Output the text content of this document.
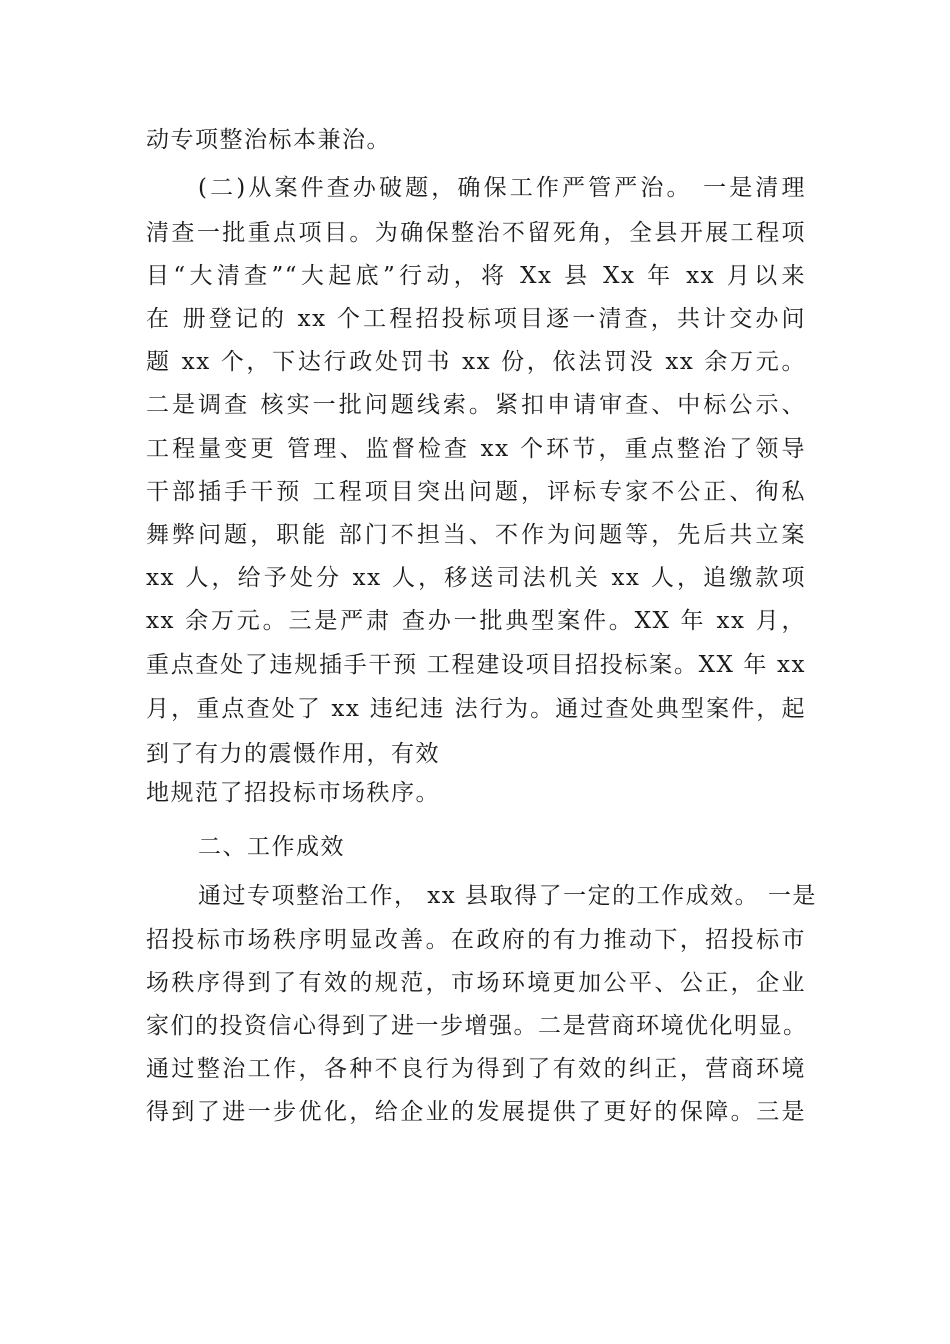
动专项整治标本兼治。
(二)从案件查办破题，确保工作严管严治。 一是清理
清查一批重点项目。为确保整治不留死角，全县开展工程项
目“大清查”“大起底”行动，将 Xx 县 Xx 年 xx 月以来
在 册登记的 xx 个工程招投标项目逐一清查，共计交办问
题 xx 个，下达行政处罚书 xx 份，依法罚没 xx 余万元。
二是调查 核实一批问题线索。紧扣申请审查、中标公示、
工程量变更 管理、监督检查 xx 个环节，重点整治了领导
干部插手干预 工程项目突出问题，评标专家不公正、徇私
舞弊问题，职能 部门不担当、不作为问题等，先后共立案
xx 人，给予处分 xx 人，移送司法机关 xx 人，追缴款项
xx 余万元。三是严肃 查办一批典型案件。XX 年 xx 月，
重点查处了违规插手干预 工程建设项目招投标案。XX 年 xx
月，重点查处了 xx 违纪违 法行为。通过查处典型案件，起
到了有力的震慑作用，有效
地规范了招投标市场秩序。
二、工作成效
通过专项整治工作， xx 县取得了一定的工作成效。 一是
招投标市场秩序明显改善。在政府的有力推动下，招投标市
场秩序得到了有效的规范，市场环境更加公平、公正，企业
家们的投资信心得到了进一步增强。二是营商环境优化明显。
通过整治工作，各种不良行为得到了有效的纠正，营商环境
得到了进一步优化，给企业的发展提供了更好的保障。三是
